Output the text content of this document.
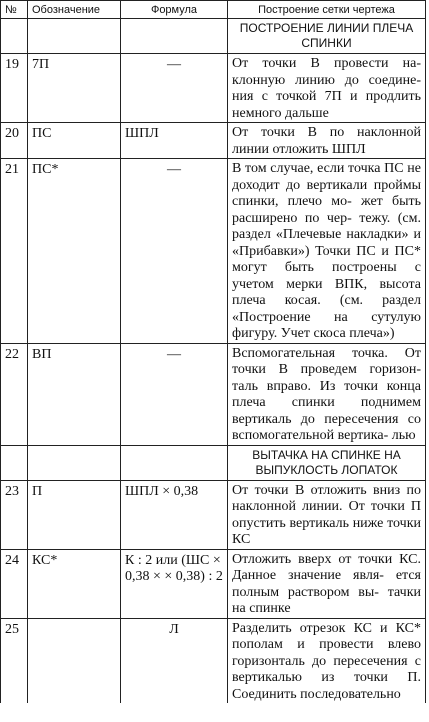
№	Обозначение	Формула	Построение сетки чертежа
			ПОСТРОЕНИЕ ЛИНИИ ПЛЕЧА СПИНКИ
19	7П	—	От точки В провести на- клонную линию до соедине- ния с точкой 7П и продлить немного дальше
20	ПС	ШПЛ	От точки В по наклонной линии отложить ШПЛ
21	ПС*	—	В том случае, если точка ПС не доходит до вертикали проймы спинки, плечо мо- жет быть расширено по чер- тежу. (см. раздел «Плечевые накладки» и «Прибавки») Точки ПС и ПС* могут быть построены с учетом мерки ВПК, высота плеча косая. (см. раздел «Построение на сутулую фигуру. Учет скоса плеча»)
22	ВП	—	Вспомогательная точка. От точки В проведем горизон- таль вправо. Из точки конца плеча спинки поднимем вертикаль до пересечения со вспомогательной вертика- лью
			ВЫТАЧКА НА СПИНКЕ НА ВЫПУКЛОСТЬ ЛОПАТОК
23	П	ШПЛ × 0,38	От точки В отложить вниз по наклонной линии. От точки П опустить вертикаль ниже точки КС
24	КС*	К : 2 или (ШС × 0,38 × × 0,38) : 2	Отложить вверх от точки КС. Данное значение явля- ется полным раствором вы- тачки на спинке
25		Л	Разделить отрезок КС и КС* пополам и провести влево горизонталь до пересечения с вертикалью из точки П. Соединить последовательно
